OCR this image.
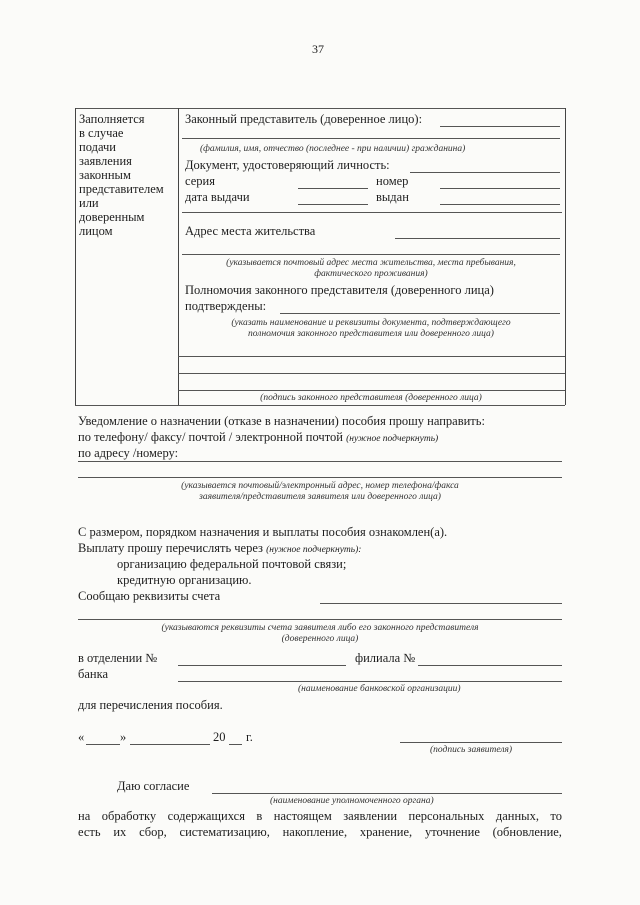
37
Заполняется
в случае
подачи
заявления
законным
представителем
или
доверенным
лицом
Законный представитель (доверенное лицо):
(фамилия, имя, отчество (последнее - при наличии) гражданина)
Документ, удостоверяющий личность:
серия	номер
дата выдачи	выдан
Адрес места жительства
(указывается почтовый адрес места жительства, места пребывания,
фактического проживания)
Полномочия законного представителя (доверенного лица)
подтверждены:
(указать наименование и реквизиты документа, подтверждающего
полномочия законного представителя или доверенного лица)
(подпись законного представителя (доверенного лица)
Уведомление о назначении (отказе в назначении) пособия прошу направить:
по телефону/ факсу/ почтой / электронной почтой (нужное подчеркнуть)
по адресу /номеру:
(указывается почтовый/электронный адрес, номер телефона/факса
заявителя/представителя заявителя или доверенного лица)
С размером, порядком назначения и выплаты пособия ознакомлен(а).
Выплату прошу перечислять через (нужное подчеркнуть):
организацию федеральной почтовой связи;
кредитную организацию.
Сообщаю реквизиты счета
(указываются реквизиты счета заявителя либо его законного представителя
(доверенного лица)
в отделении №	филиала №
банка
(наименование банковской организации)
для перечисления пособия.
«	»	20 г.
(подпись заявителя)
Даю согласие
(наименование уполномоченного органа)
на обработку содержащихся в настоящем заявлении персональных данных, то
есть их сбор, систематизацию, накопление, хранение, уточнение (обновление,
